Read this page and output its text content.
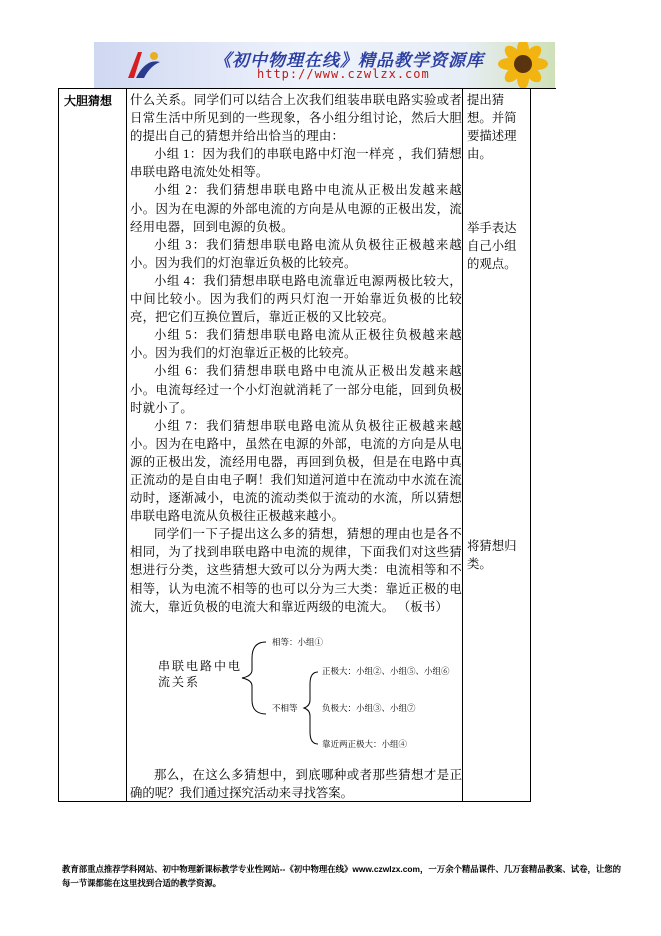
《初中物理在线》精品教学资源库
http://www.czwlzx.com
大胆猜想 什么关系。同学们可以结合上次我们组装串联电路实验或者日常生活中所见到的一些现象，各小组分组讨论，然后大胆的提出自己的猜想并给出恰当的理由：

小组 1：因为我们的串联电路中灯泡一样亮 ，我们猜想串联电路电流处处相等。

小组 2：我们猜想串联电路中电流从正极出发越来越小。因为在电源的外部电流的方向是从电源的正极出发，流经用电器，回到电源的负极。

小组 3：我们猜想串联电路电流从负极往正极越来越小。因为我们的灯泡靠近负极的比较亮。

小组 4：我们猜想串联电路电流靠近电源两极比较大，中间比较小。因为我们的两只灯泡一开始靠近负极的比较亮，把它们互换位置后，靠近正极的又比较亮。

小组 5：我们猜想串联电路电流从正极往负极越来越小。因为我们的灯泡靠近正极的比较亮。

小组 6：我们猜想串联电路中电流从正极出发越来越小。电流每经过一个小灯泡就消耗了一部分电能，回到负极时就小了。

小组 7：我们猜想串联电路电流从负极往正极越来越小。因为在电路中，虽然在电源的外部，电流的方向是从电源的正极出发，流经用电器，再回到负极，但是在电路中真正流动的是自由电子啊！我们知道河道中在流动中水流在流动时，逐渐减小，电流的流动类似于流动的水流，所以猜想串联电路电流从负极往正极越来越小。

同学们一下子提出这么多的猜想，猜想的理由也是各不相同，为了找到串联电路中电流的规律，下面我们对这些猜想进行分类，这些猜想大致可以分为两大类：电流相等和不相等，认为电流不相等的也可以分为三大类：靠近正极的电流大，靠近负极的电流大和靠近两级的电流大。 （板书）

提出猜想。并简要描述理由。
举手表达自己小组的观点。
将猜想归类。
串联电路中电流关系
相等：小组①
不相等
正极大：小组②、小组⑤、小组⑥
负极大：小组③、小组⑦
靠近两正极大：小组④

那么，在这么多猜想中，到底哪种或者那些猜想才是正确的呢？我们通过探究活动来寻找答案。

教育部重点推荐学科网站、初中物理新课标教学专业性网站--《初中物理在线》www.czwlzx.com，一万余个精品课件、几万套精品教案、试卷，让您的每一节课都能在这里找到合适的教学资源。
